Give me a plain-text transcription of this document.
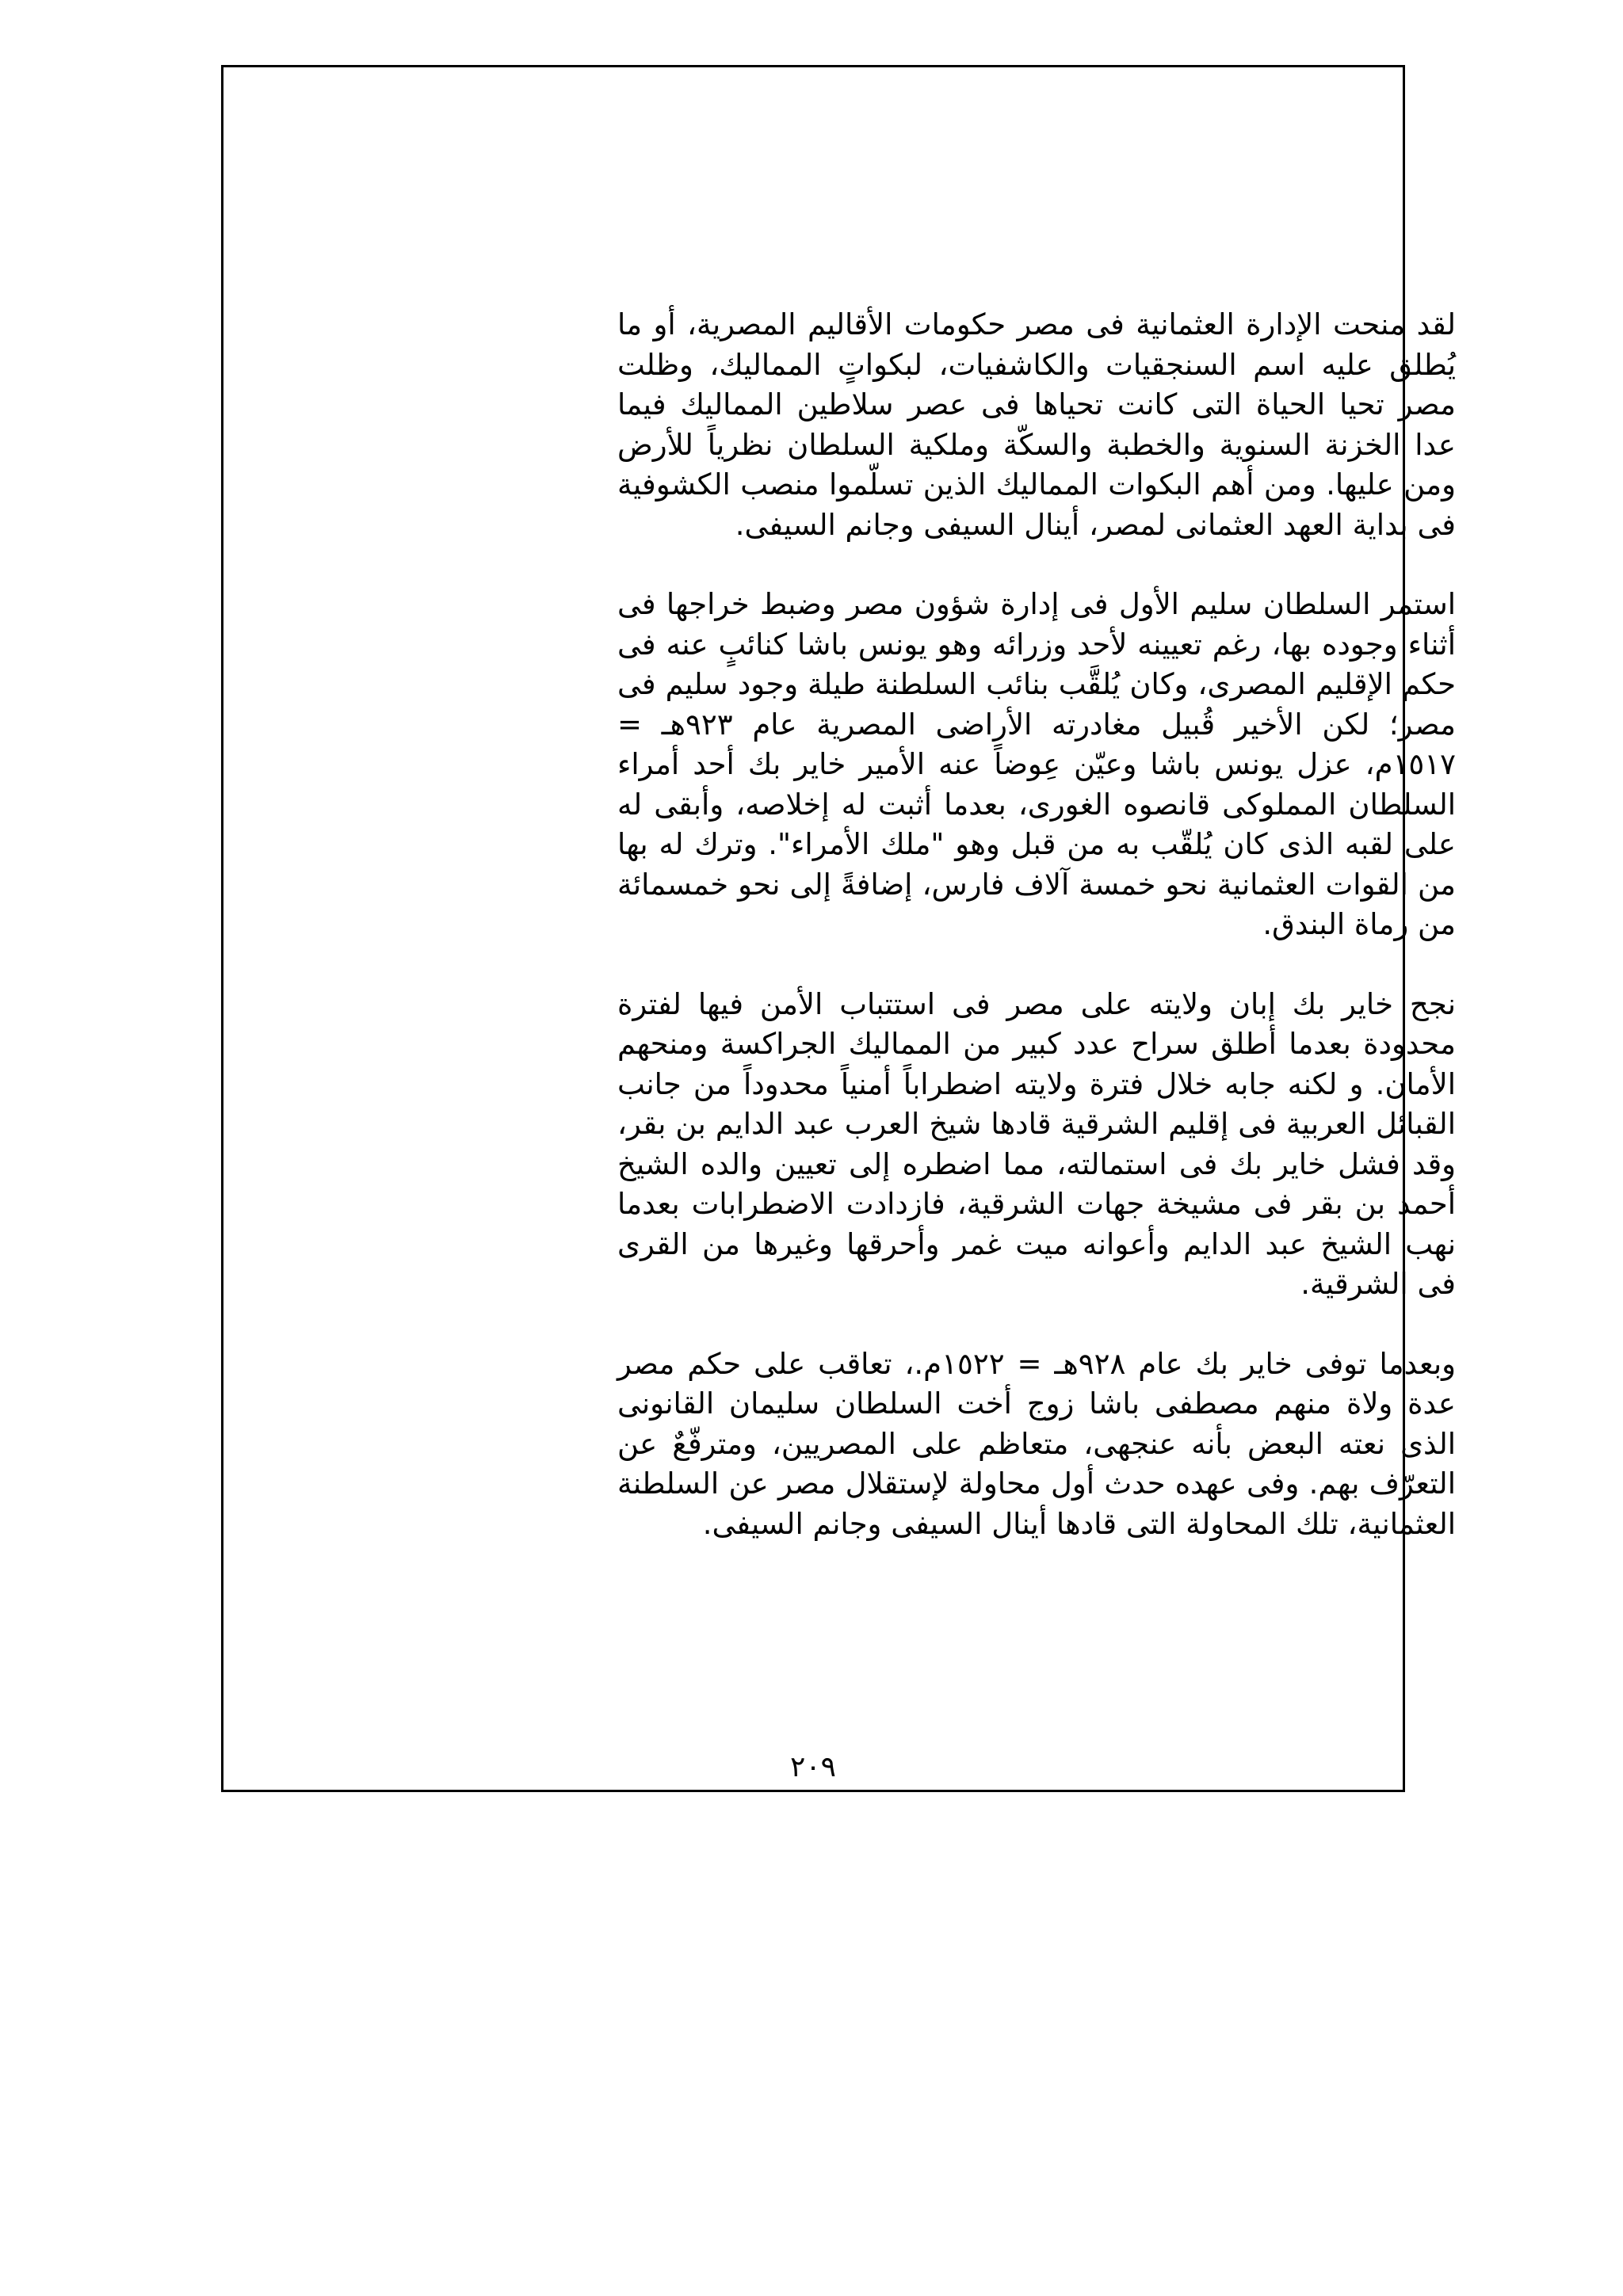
لقد منحت الإدارة العثمانية فى مصر حكومات الأقاليم المصرية، أو ما يُطلق عليه اسم السنجقيات والكاشفيات، لبكواتٍ المماليك، وظلت مصر تحيا الحياة التى كانت تحياها فى عصر سلاطين المماليك فيما عدا الخزنة السنوية والخطبة والسكّة وملكية السلطان نظرياً للأرض ومن عليها. ومن أهم البكوات المماليك الذين تسلّموا منصب الكشوفية فى بداية العهد العثمانى لمصر، أينال السيفى وجانم السيفى.

استمر السلطان سليم الأول فى إدارة شؤون مصر وضبط خراجها فى أثناء وجوده بها، رغم تعيينه لأحد وزرائه وهو يونس باشا كنائبٍ عنه فى حكم الإقليم المصرى، وكان يُلقَّب بنائب السلطنة طيلة وجود سليم فى مصر؛ لكن الأخير قُبيل مغادرته الأراضى المصرية عام ٩٢٣هـ = ١٥١٧م، عزل يونس باشا وعيّن عِوضاً عنه الأمير خاير بك أحد أمراء السلطان المملوكى قانصوه الغورى، بعدما أثبت له إخلاصه، وأبقى له على لقبه الذى كان يُلقّب به من قبل وهو "ملك الأمراء". وترك له بها من القوات العثمانية نحو خمسة آلاف فارس، إضافةً إلى نحو خمسمائة من رماة البندق.

نجح خاير بك إبان ولايته على مصر فى استتباب الأمن فيها لفترة محدودة بعدما أطلق سراح عدد كبير من المماليك الجراكسة ومنحهم الأمان. و لكنه جابه خلال فترة ولايته اضطراباً أمنياً محدوداً من جانب القبائل العربية فى إقليم الشرقية قادها شيخ العرب عبد الدايم بن بقر، وقد فشل خاير بك فى استمالته، مما اضطره إلى تعيين والده الشيخ أحمد بن بقر فى مشيخة جهات الشرقية، فازدادت الاضطرابات بعدما نهب الشيخ عبد الدايم وأعوانه ميت غمر وأحرقها وغيرها من القرى فى الشرقية.

وبعدما توفى خاير بك عام ٩٢٨هـ = ١٥٢٢م.، تعاقب على حكم مصر عدة ولاة منهم مصطفى باشا زوج أخت السلطان سليمان القانونى الذى نعته البعض بأنه عنجهى، متعاظم على المصريين، ومترفّعٌ عن التعرّف بهم. وفى عهده حدث أول محاولة لإستقلال مصر عن السلطنة العثمانية، تلك المحاولة التى قادها أينال السيفى وجانم السيفى.

٢٠٩
